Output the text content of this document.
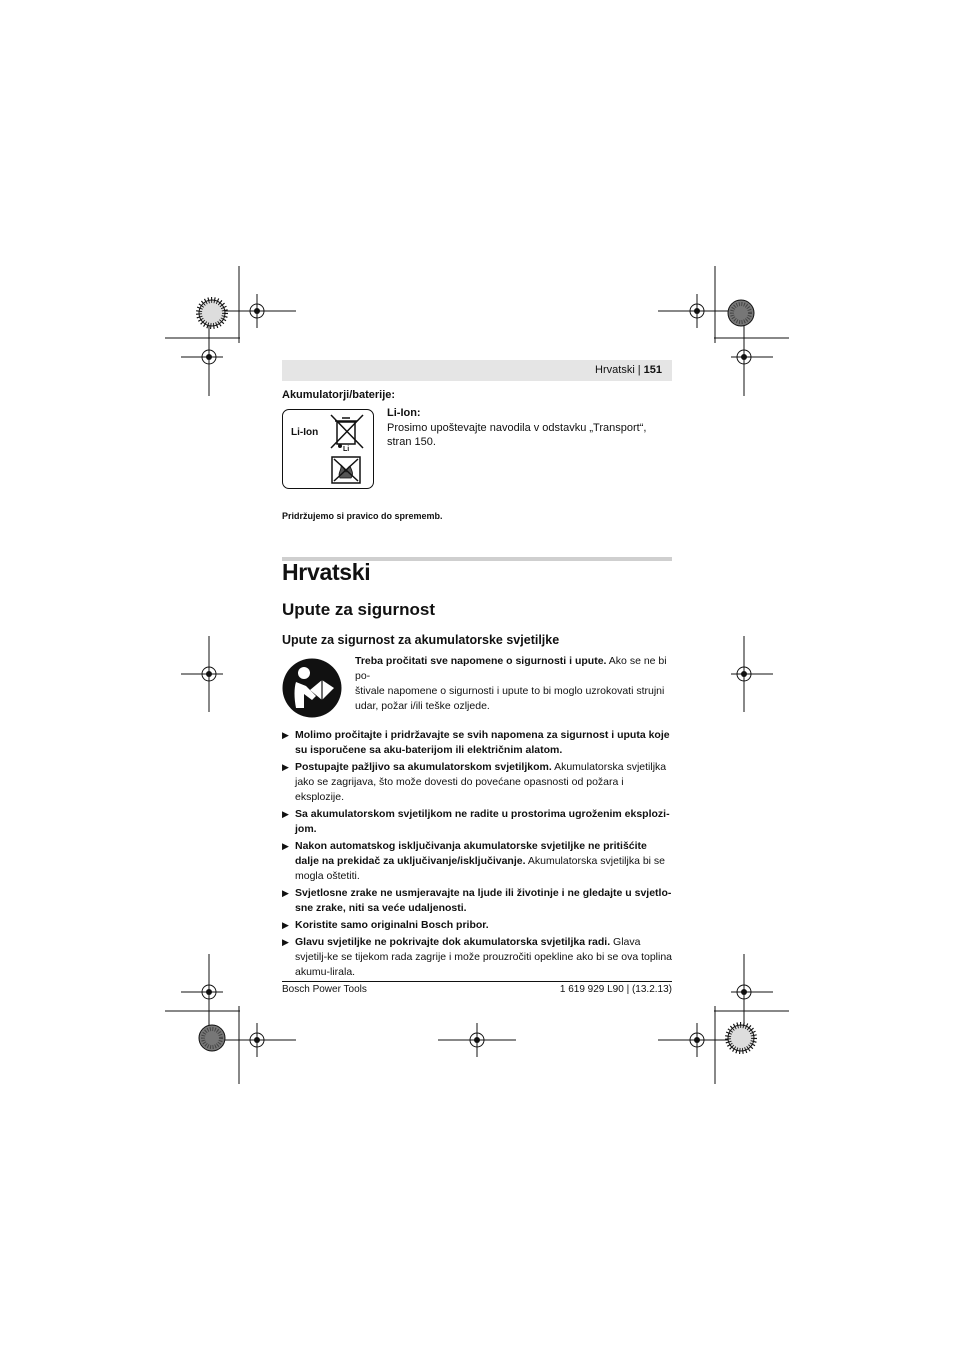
Hrvatski | 151
Akumulatorji/baterije:
Li-Ion
Li
Li-Ion:
Prosimo upoštevajte navodila v odstavku „Transport“,
stran 150.
Pridržujemo si pravico do sprememb.
Hrvatski
Upute za sigurnost
Upute za sigurnost za akumulatorske svjetiljke
Treba pročitati sve napomene o sigurnosti i upute. Ako se ne bi po-
štivale napomene o sigurnosti i upute to bi moglo uzrokovati strujni
udar, požar i/ili teške ozljede.
▶ Molimo pročitajte i pridržavajte se svih napomena za sigurnost i uputa koje su isporučene sa aku-baterijom ili električnim alatom.
▶ Postupajte pažljivo sa akumulatorskom svjetiljkom. Akumulatorska svjetiljka jako se zagrijava, što može dovesti do povećane opasnosti od požara i eksplozije.
▶ Sa akumulatorskom svjetiljkom ne radite u prostorima ugroženim eksplozi-jom.
▶ Nakon automatskog isključivanja akumulatorske svjetiljke ne pritišćite dalje na prekidač za uključivanje/isključivanje. Akumulatorska svjetiljka bi se mogla oštetiti.
▶ Svjetlosne zrake ne usmjeravajte na ljude ili životinje i ne gledajte u svjetlo-sne zrake, niti sa veće udaljenosti.
▶ Koristite samo originalni Bosch pribor.
▶ Glavu svjetiljke ne pokrivajte dok akumulatorska svjetiljka radi. Glava svjetilj-ke se tijekom rada zagrije i može prouzročiti opekline ako bi se ova toplina akumu-lirala.
Bosch Power Tools	1 619 929 L90 | (13.2.13)
